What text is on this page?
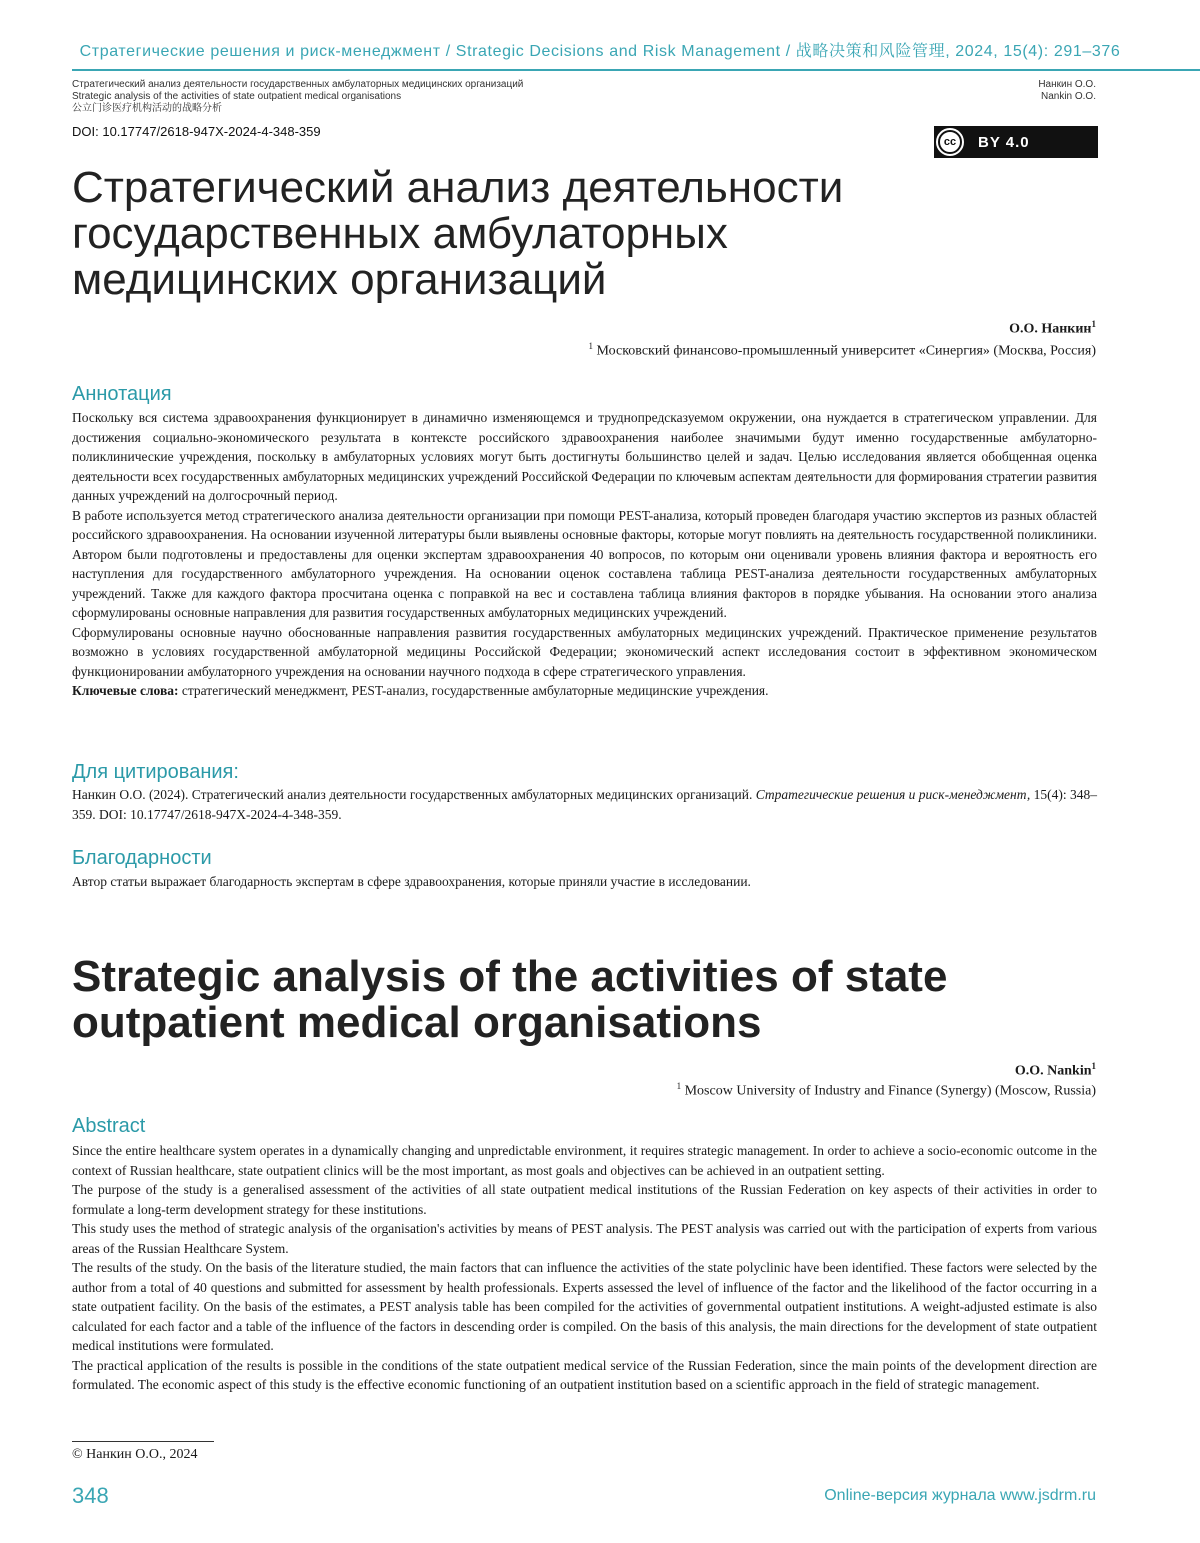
Стратегические решения и риск-менеджмент / Strategic Decisions and Risk Management / 战略决策和风险管理, 2024, 15(4): 291–376
Стратегический анализ деятельности государственных амбулаторных медицинских организаций
Strategic analysis of the activities of state outpatient medical organisations
公立门诊医疗机构活动的战略分析
Нанкин О.О.
Nankin O.O.
DOI: 10.17747/2618-947X-2024-4-348-359
cc	BY 4.0
Стратегический анализ деятельности государственных амбулаторных медицинских организаций
О.О. Нанкин1
1 Московский финансово-промышленный университет «Синергия» (Москва, Россия)
Аннотация

Поскольку вся система здравоохранения функционирует в динамично изменяющемся и труднопредсказуемом окружении, она нуждается в стратегическом управлении. Для достижения социально-экономического результата в контексте российского здравоохранения наиболее значимыми будут именно государственные амбулаторно-поликлинические учреждения, поскольку в амбулаторных условиях могут быть достигнуты большинство целей и задач. Целью исследования является обобщенная оценка деятельности всех государственных амбулаторных медицинских учреждений Российской Федерации по ключевым аспектам деятельности для формирования стратегии развития данных учреждений на долгосрочный период.

В работе используется метод стратегического анализа деятельности организации при помощи PEST-анализа, который проведен благодаря участию экспертов из разных областей российского здравоохранения. На основании изученной литературы были выявлены основные факторы, которые могут повлиять на деятельность государственной поликлиники. Автором были подготовлены и предоставлены для оценки экспертам здравоохранения 40 вопросов, по которым они оценивали уровень влияния фактора и вероятность его наступления для государственного амбулаторного учреждения. На основании оценок составлена таблица PEST-анализа деятельности государственных амбулаторных учреждений. Также для каждого фактора просчитана оценка с поправкой на вес и составлена таблица влияния факторов в порядке убывания. На основании этого анализа сформулированы основные направления для развития государственных амбулаторных медицинских учреждений.

Сформулированы основные научно обоснованные направления развития государственных амбулаторных медицинских учреждений. Практическое применение результатов возможно в условиях государственной амбулаторной медицины Российской Федерации; экономический аспект исследования состоит в эффективном экономическом функционировании амбулаторного учреждения на основании научного подхода в сфере стратегического управления.

Ключевые слова: стратегический менеджмент, PEST-анализ, государственные амбулаторные медицинские учреждения.

Для цитирования:
Нанкин О.О. (2024). Стратегический анализ деятельности государственных амбулаторных медицинских организаций. Стратегические решения и риск-менеджмент, 15(4): 348–359. DOI: 10.17747/2618-947X-2024-4-348-359.
Благодарности
Автор статьи выражает благодарность экспертам в сфере здравоохранения, которые приняли участие в исследовании.
Strategic analysis of the activities of state outpatient medical organisations
O.O. Nankin1
1 Moscow University of Industry and Finance (Synergy) (Moscow, Russia)
Abstract

Since the entire healthcare system operates in a dynamically changing and unpredictable environment, it requires strategic management. In order to achieve a socio-economic outcome in the context of Russian healthcare, state outpatient clinics will be the most important, as most goals and objectives can be achieved in an outpatient setting.

The purpose of the study is a generalised assessment of the activities of all state outpatient medical institutions of the Russian Federation on key aspects of their activities in order to formulate a long-term development strategy for these institutions.

This study uses the method of strategic analysis of the organisation's activities by means of PEST analysis. The PEST analysis was carried out with the participation of experts from various areas of the Russian Healthcare System.

The results of the study. On the basis of the literature studied, the main factors that can influence the activities of the state polyclinic have been identified. These factors were selected by the author from a total of 40 questions and submitted for assessment by health professionals. Experts assessed the level of influence of the factor and the likelihood of the factor occurring in a state outpatient facility. On the basis of the estimates, a PEST analysis table has been compiled for the activities of governmental outpatient institutions. A weight-adjusted estimate is also calculated for each factor and a table of the influence of the factors in descending order is compiled. On the basis of this analysis, the main directions for the development of state outpatient medical institutions were formulated.

The practical application of the results is possible in the conditions of the state outpatient medical service of the Russian Federation, since the main points of the development direction are formulated. The economic aspect of this study is the effective economic functioning of an outpatient institution based on a scientific approach in the field of strategic management.

© Нанкин О.О., 2024
348	Online-версия журнала www.jsdrm.ru
